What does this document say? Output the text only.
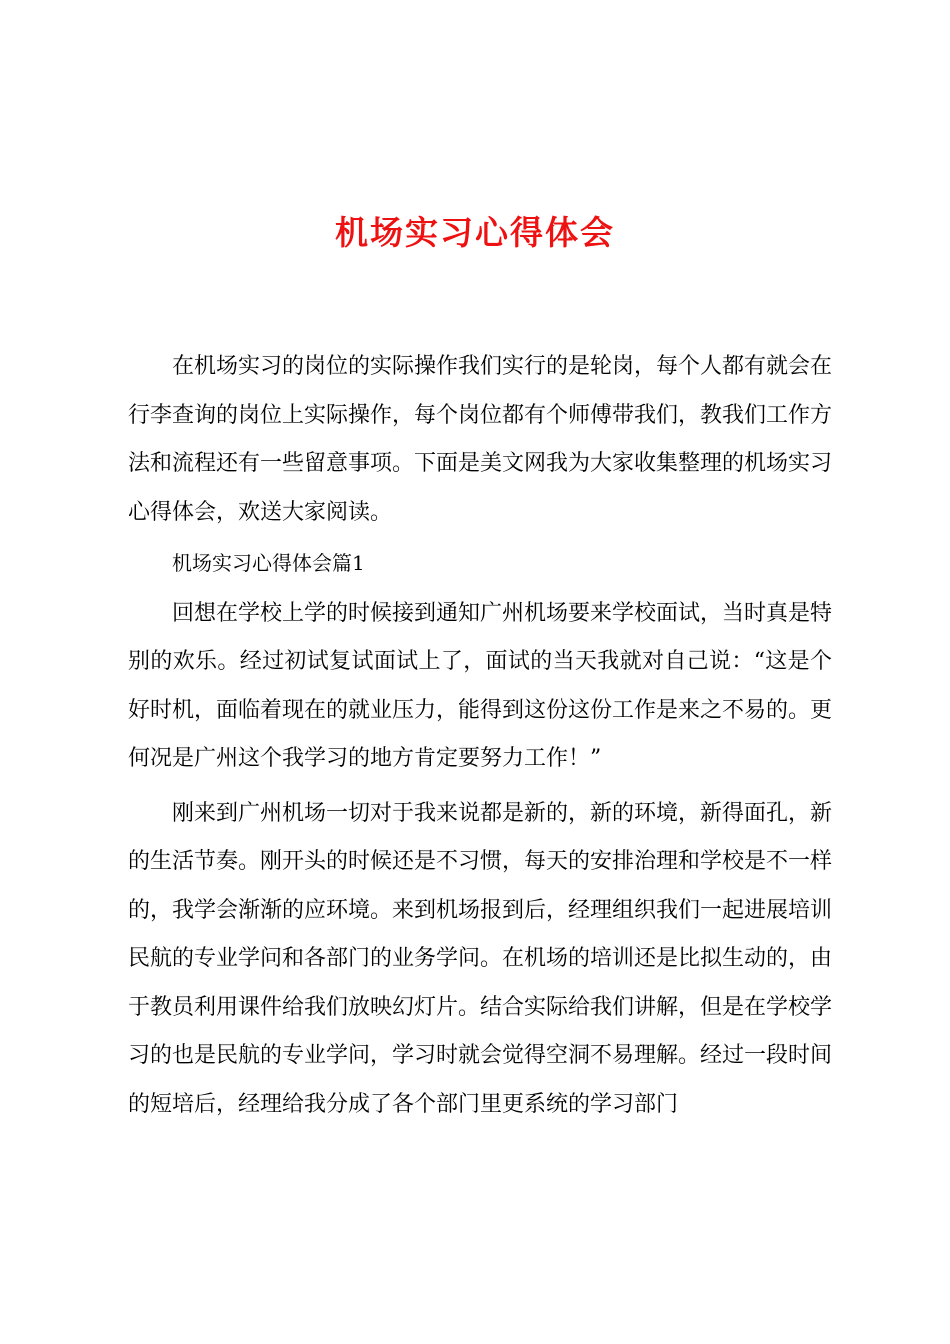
机场实习心得体会

在机场实习的岗位的实际操作我们实行的是轮岗，每个人都有就会在行李查询的岗位上实际操作，每个岗位都有个师傅带我们，教我们工作方法和流程还有一些留意事项。下面是美文网我为大家收集整理的机场实习心得体会，欢送大家阅读。

机场实习心得体会篇1

回想在学校上学的时候接到通知广州机场要来学校面试，当时真是特别的欢乐。经过初试复试面试上了，面试的当天我就对自己说：“这是个好时机，面临着现在的就业压力，能得到这份这份工作是来之不易的。更何况是广州这个我学习的地方肯定要努力工作！”

刚来到广州机场一切对于我来说都是新的，新的环境，新得面孔，新的生活节奏。刚开头的时候还是不习惯，每天的安排治理和学校是不一样的，我学会渐渐的应环境。来到机场报到后，经理组织我们一起进展培训民航的专业学问和各部门的业务学问。在机场的培训还是比拟生动的，由于教员利用课件给我们放映幻灯片。结合实际给我们讲解，但是在学校学习的也是民航的专业学问，学习时就会觉得空洞不易理解。经过一段时间的短培后，经理给我分成了各个部门里更系统的学习部门
